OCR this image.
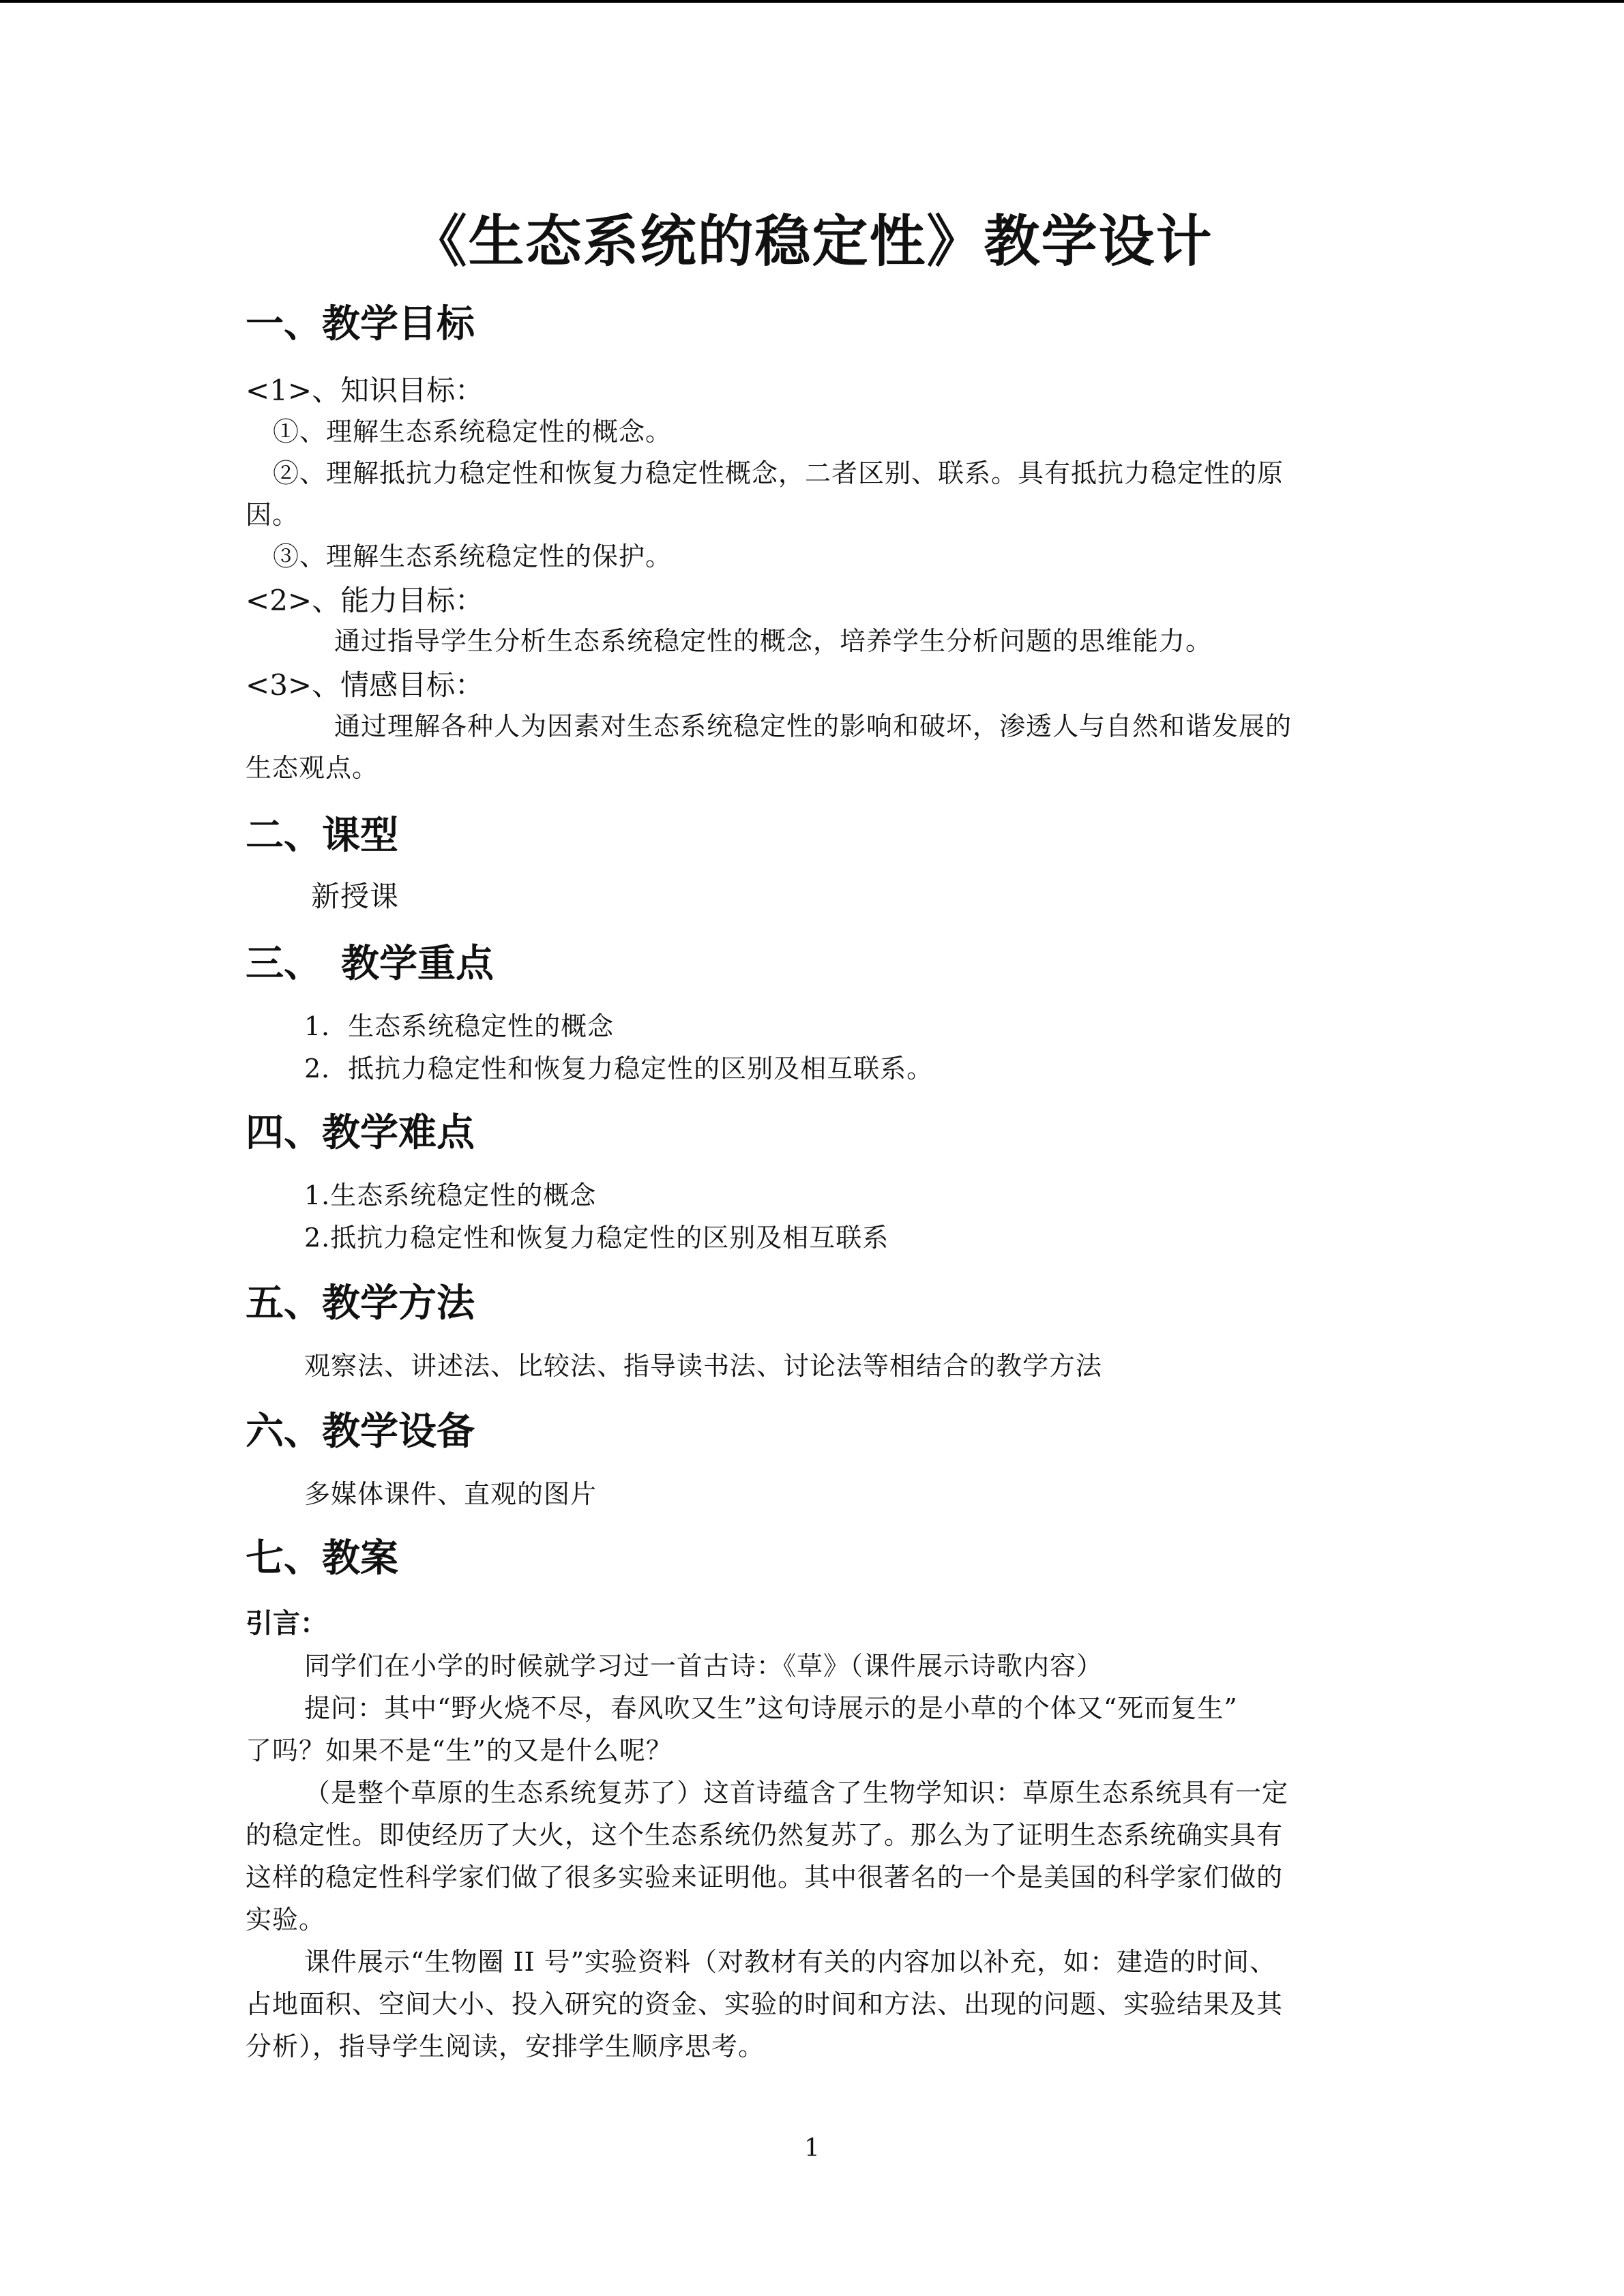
《生态系统的稳定性》教学设计
一、教学目标
<1>、知识目标：
①、理解生态系统稳定性的概念。
②、理解抵抗力稳定性和恢复力稳定性概念，二者区别、联系。具有抵抗力稳定性的原
因。
③、理解生态系统稳定性的保护。
<2>、能力目标：
通过指导学生分析生态系统稳定性的概念，培养学生分析问题的思维能力。
<3>、情感目标：
通过理解各种人为因素对生态系统稳定性的影响和破坏，渗透人与自然和谐发展的
生态观点。
二、课型
新授课
三、　教学重点
1．生态系统稳定性的概念
2．抵抗力稳定性和恢复力稳定性的区别及相互联系。
四、教学难点
1.生态系统稳定性的概念
2.抵抗力稳定性和恢复力稳定性的区别及相互联系
五、教学方法
观察法、讲述法、比较法、指导读书法、讨论法等相结合的教学方法
六、教学设备
多媒体课件、直观的图片
七、教案
引言：
同学们在小学的时候就学习过一首古诗：《草》（课件展示诗歌内容）
提问：其中“野火烧不尽，春风吹又生”这句诗展示的是小草的个体又“死而复生”
了吗？如果不是“生”的又是什么呢？
（是整个草原的生态系统复苏了）这首诗蕴含了生物学知识：草原生态系统具有一定
的稳定性。即使经历了大火，这个生态系统仍然复苏了。那么为了证明生态系统确实具有
这样的稳定性科学家们做了很多实验来证明他。其中很著名的一个是美国的科学家们做的
实验。
课件展示“生物圈 II 号”实验资料（对教材有关的内容加以补充，如：建造的时间、
占地面积、空间大小、投入研究的资金、实验的时间和方法、出现的问题、实验结果及其
分析），指导学生阅读，安排学生顺序思考。
1
